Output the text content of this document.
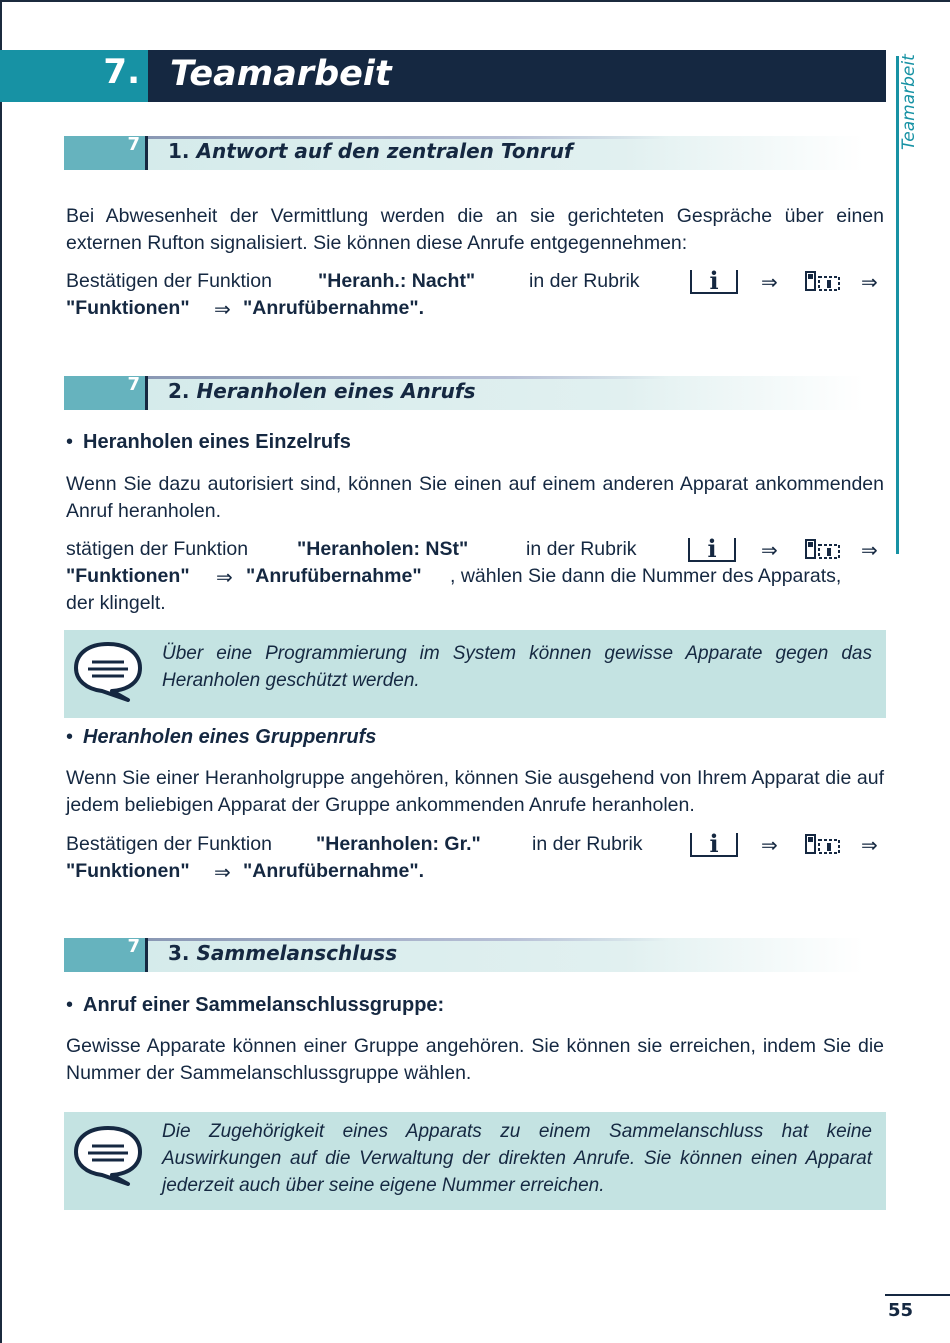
7. Teamarbeit	Teamarbeit
7 1. Antwort auf den zentralen Tonruf
Bei Abwesenheit der Vermittlung werden die an sie gerichteten Gespräche über einen externen Rufton signalisiert. Sie können diese Anrufe entgegennehmen:
Bestätigen der Funktion "Heranh.: Nacht"	in der Rubrik	i	⇒	⇒
"Funktionen" ⇒ "Anrufübernahme".
7 2. Heranholen eines Anrufs
• Heranholen eines Einzelrufs
Wenn Sie dazu autorisiert sind, können Sie einen auf einem anderen Apparat ankommenden Anruf heranholen.
stätigen der Funktion	"Heranholen: NSt"	in der Rubrik	i	⇒	⇒
"Funktionen" ⇒ "Anrufübernahme" , wählen Sie dann die Nummer des Apparats,
der klingelt.
Über eine Programmierung im System können gewisse Apparate gegen das Heranholen geschützt werden.
• Heranholen eines Gruppenrufs
Wenn Sie einer Heranholgruppe angehören, können Sie ausgehend von Ihrem Apparat die auf jedem beliebigen Apparat der Gruppe ankommenden Anrufe heranholen.
Bestätigen der Funktion "Heranholen: Gr."	in der Rubrik	i	⇒	⇒
"Funktionen" ⇒ "Anrufübernahme".
7 3. Sammelanschluss
• Anruf einer Sammelanschlussgruppe:
Gewisse Apparate können einer Gruppe angehören. Sie können sie erreichen, indem Sie die Nummer der Sammelanschlussgruppe wählen.
Die Zugehörigkeit eines Apparats zu einem Sammelanschluss hat keine Auswirkungen auf die Verwaltung der direkten Anrufe. Sie können einen Apparat jederzeit auch über seine eigene Nummer erreichen.
55
